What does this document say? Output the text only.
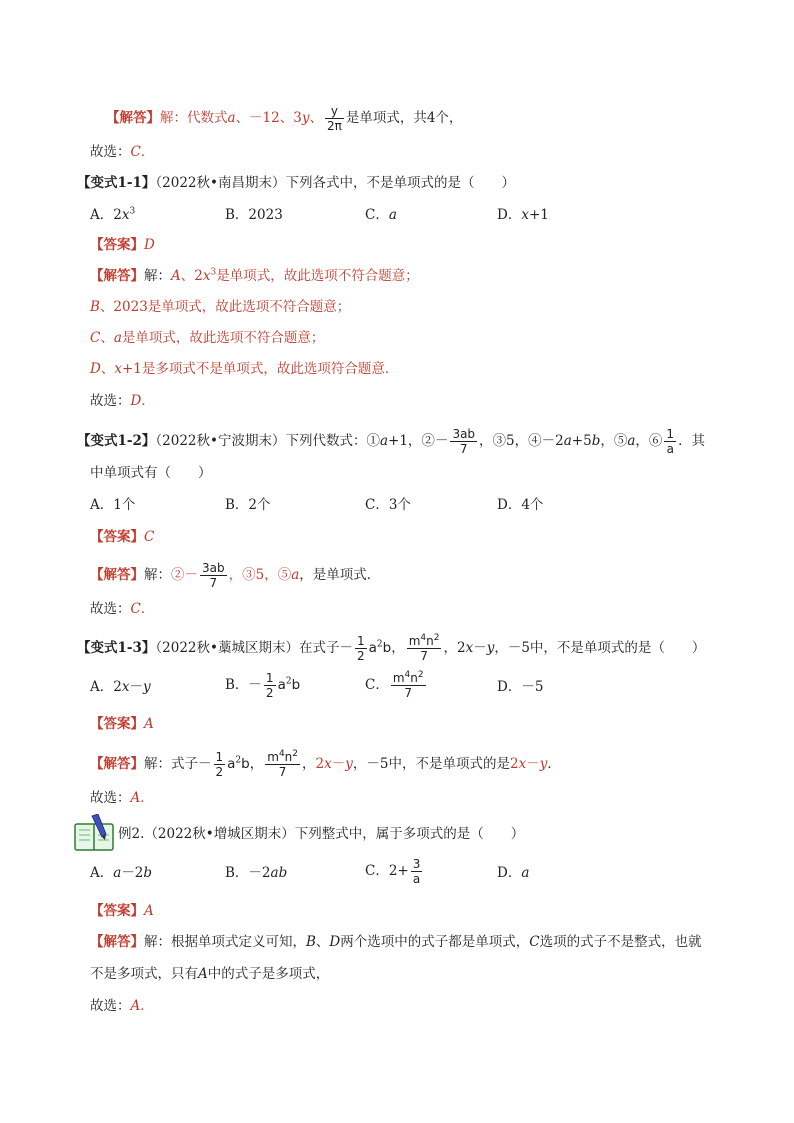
【解答】解：代数式a、－12、3y、 $\frac{y}{2\pi}$ 是单项式，共4个，
故选：C．
【变式1-1】（2022秋•南昌期末）下列各式中，不是单项式的是（　　）
A．$2x^3$	B．2023	C．a	D．x+1
【答案】D
【解答】解：A、$2x^3$是单项式，故此选项不符合题意；
B、2023是单项式，故此选项不符合题意；
C、a是单项式，故此选项不符合题意；
D、x+1是多项式不是单项式，故此选项符合题意．
故选：D．
【变式1-2】（2022秋•宁波期末）下列代数式：①a+1，②－ $\frac{3ab}{7}$ ，③5，④－2a+5b，⑤a，⑥ $\frac{1}{a}$ ．其
中单项式有（　　）
A．1个	B．2个	C．3个	D．4个
【答案】C
【解答】解：②－ $\frac{3ab}{7}$ ，③5，⑤a，是单项式．
故选：C．
【变式1-3】（2022秋•藁城区期末）在式子－ $\frac{1}{2} a^2b$， $\frac{m^4n^2}{7}$ ，2x－y，－5中，不是单项式的是（　　）
A．2x－y	B．－ $\frac{1}{2} a^2b$	C． $\frac{m^4n^2}{7}$	D．－5
【答案】A
【解答】解：式子－ $\frac{1}{2} a^2b$， $\frac{m^4n^2}{7}$ ，2x－y，－5中，不是单项式的是2x－y．
故选：A．
例2.（2022秋•增城区期末）下列整式中，属于多项式的是（　　）
A．a－2b	B．－2ab	C．$2+ \frac{3}{a}$	D．a
【答案】A
【解答】解：根据单项式定义可知，B、D两个选项中的式子都是单项式，C选项的式子不是整式，也就
不是多项式，只有A中的式子是多项式，
故选：A．
